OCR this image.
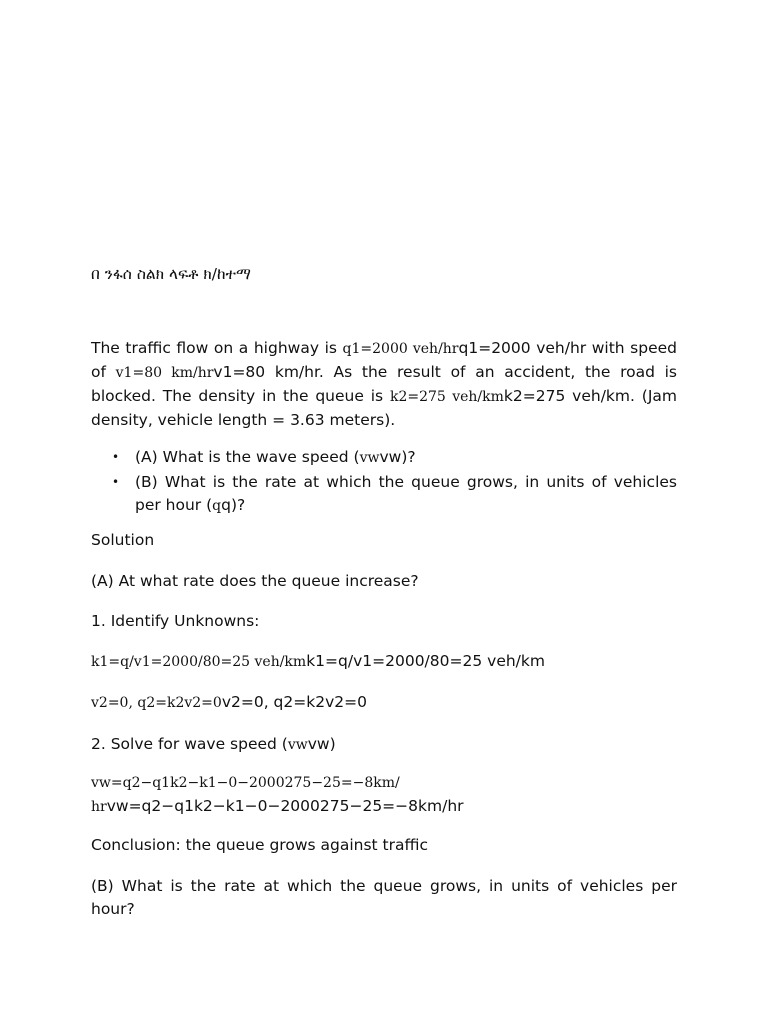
በ ንፋሰ ስልክ ላፍቶ ክ/ከተማ
The traffic flow on a highway is q1=2000 veh/hrq1=2000 veh/hr with speed of v1=80 km/hrv1=80 km/hr. As the result of an accident, the road is blocked. The density in the queue is k2=275 veh/kmk2=275 veh/km. (Jam density, vehicle length = 3.63 meters).
• (A) What is the wave speed (vwvw)?
• (B) What is the rate at which the queue grows, in units of vehicles per hour (qq)?
Solution
(A) At what rate does the queue increase?
1. Identify Unknowns:
k1=q/v1=2000/80=25 veh/kmk1=q/v1=2000/80=25 veh/km
v2=0, q2=k2v2=0v2=0, q2=k2v2=0
2. Solve for wave speed (vwvw)
vw=q2−q1k2−k1−0−2000275−25=−8km/
hrvw=q2−q1k2−k1−0−2000275−25=−8km/hr
Conclusion: the queue grows against traffic
(B) What is the rate at which the queue grows, in units of vehicles per hour?
